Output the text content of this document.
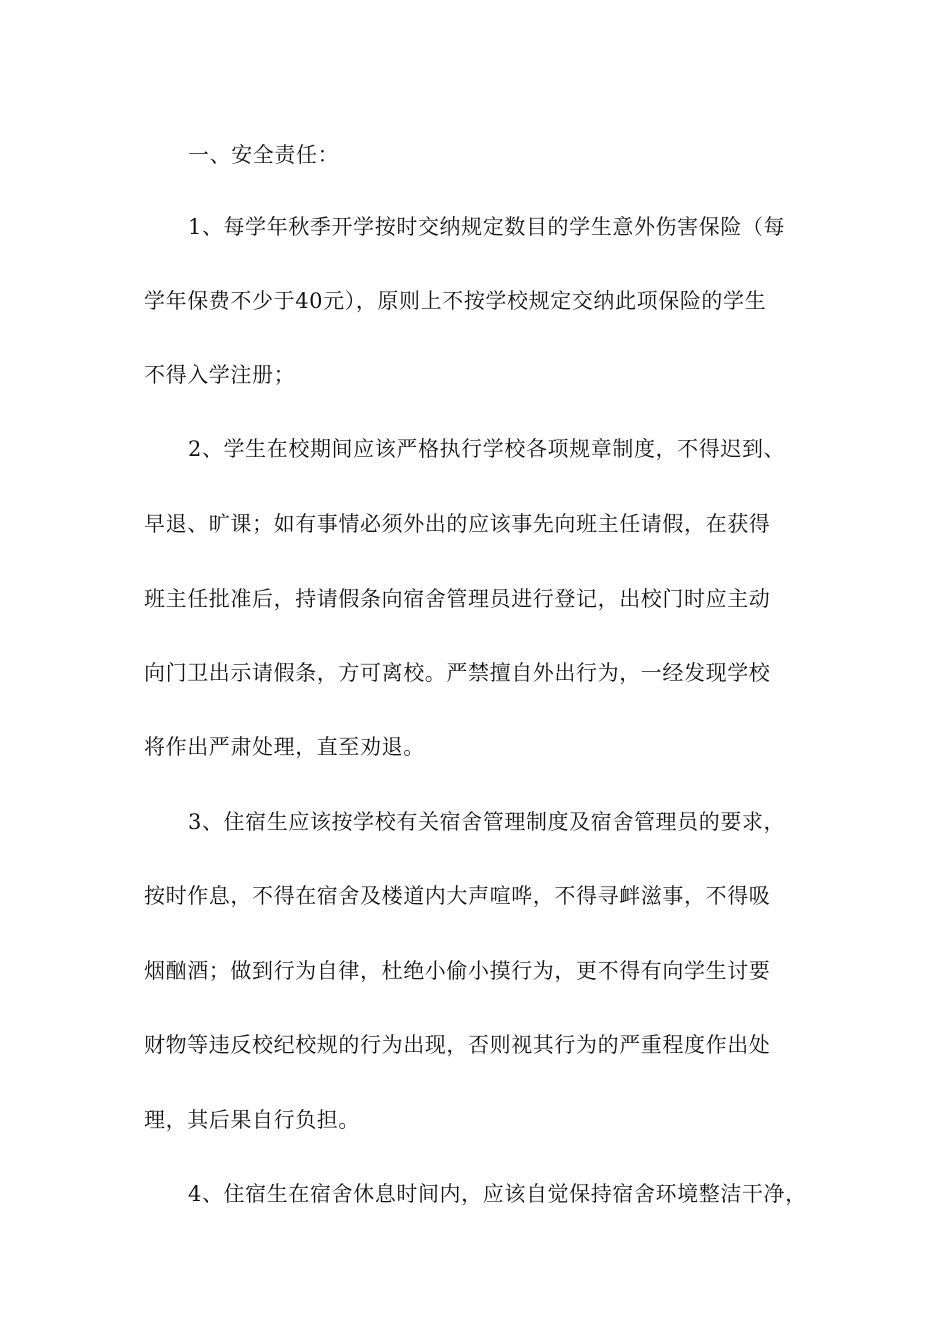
一、安全责任：
1、每学年秋季开学按时交纳规定数目的学生意外伤害保险（每
学年保费不少于40元），原则上不按学校规定交纳此项保险的学生
不得入学注册；
2、学生在校期间应该严格执行学校各项规章制度，不得迟到、
早退、旷课；如有事情必须外出的应该事先向班主任请假，在获得
班主任批准后，持请假条向宿舍管理员进行登记，出校门时应主动
向门卫出示请假条，方可离校。严禁擅自外出行为，一经发现学校
将作出严肃处理，直至劝退。
3、住宿生应该按学校有关宿舍管理制度及宿舍管理员的要求，
按时作息，不得在宿舍及楼道内大声喧哗，不得寻衅滋事，不得吸
烟酗酒；做到行为自律，杜绝小偷小摸行为，更不得有向学生讨要
财物等违反校纪校规的行为出现，否则视其行为的严重程度作出处
理，其后果自行负担。
4、住宿生在宿舍休息时间内，应该自觉保持宿舍环境整洁干净，
